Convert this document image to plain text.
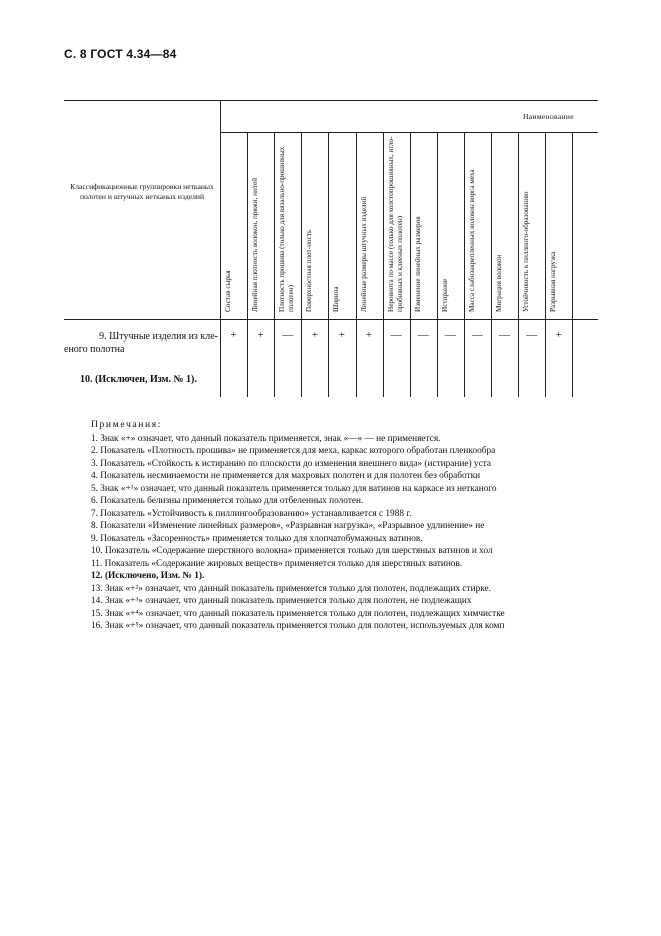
С. 8 ГОСТ 4.34—84
Классификационные группировки нетканых полотен и штучных нетканых изделий
Наименование
Состав сырья
+
Линейная плотность волокон, пряжи, нитей
+
Плотность прошива (только для вязально-прошивных полотен)
—
Поверхностная плот-ность
+
Ширина
+
Линейные размеры штучных изделий
+
Неровнота по массе (только для холстопрошивных, игло-пробивных и клееных полотен)
—
Изменение линейных размеров
—
Истирание
—
Масса слабозакрепленных волокон ворса меха
—
Миграция волокон
—
Устойчивость к пиллинго-образованию
—
Разрывная нагрузка
+
9. Штучные изделия из кле-
еного полотна
10. (Исключен, Изм. № 1).
Примечания:
1. Знак «+» означает, что данный показатель применяется, знак «—» — не применяется.
2. Показатель «Плотность прошива» не применяется для меха, каркас которого обработан пленкообра
3. Показатель «Стойкость к истиранию по плоскости до изменения внешнего вида» (истирание) уста
4. Показатель несминаемости не применяется для махровых полотен и для полотен без обработки
5. Знак «+¹» означает, что данный показатель применяется только для ватинов на каркасе из нетканого
6. Показатель белизны применяется только для отбеленных полотен.
7. Показатель «Устойчивость к пиллингообразованию» устанавливается с 1988 г.
8. Показатели «Изменение линейных размеров», «Разрывная нагрузка», «Разрывное удлинение» не
9. Показатель «Засоренность» применяется только для хлопчатобумажных ватинов.
10. Показатель «Содержание шерстяного волокна» применяется только для шерстяных ватинов и хол
11. Показатель «Содержание жировых веществ» применяется только для шерстяных ватинов.
12. (Исключено, Изм. № 1).
13. Знак «+²» означает, что данный показатель применяется только для полотен, подлежащих стирке.
14. Знак «+³» означает, что данный показатель применяется только для полотен, не подлежащих
15. Знак «+⁴» означает, что данный показатель применяется только для полотен, подлежащих химчистке
16. Знак «+⁵» означает, что данный показатель применяется только для полотен, используемых для комп
